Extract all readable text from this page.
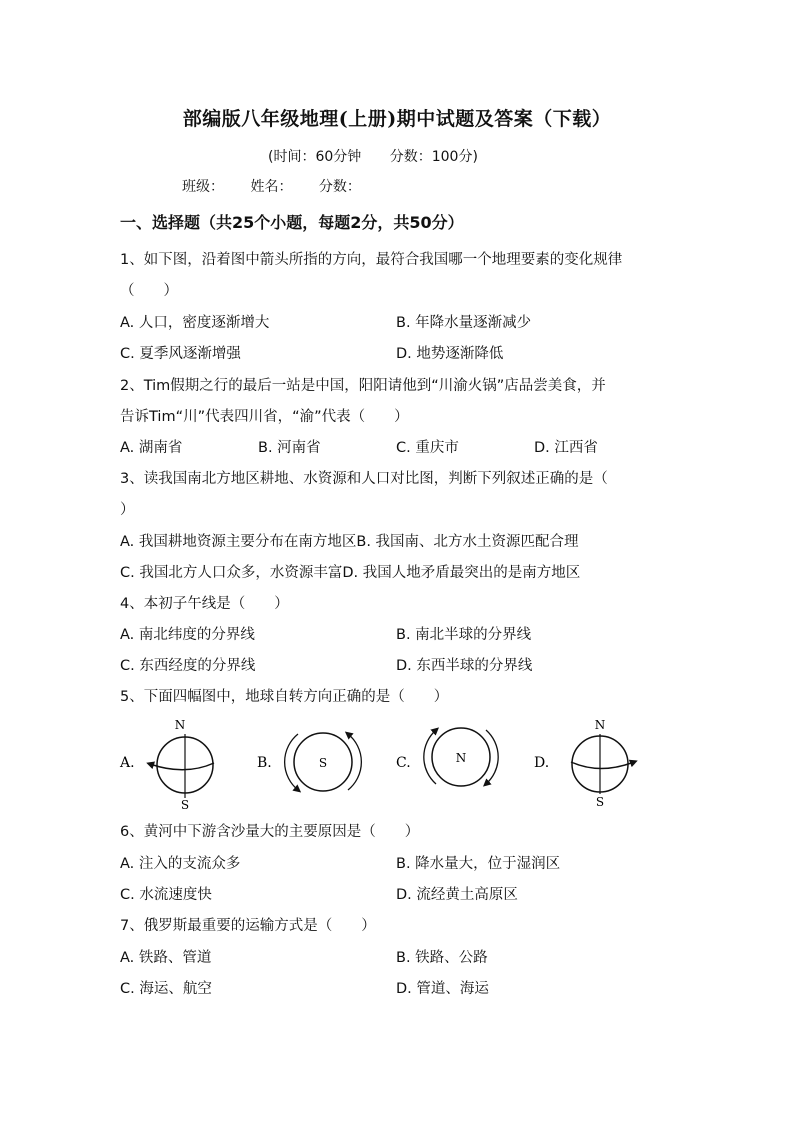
部编版八年级地理(上册)期中试题及答案（下载）
(时间：60分钟 分数：100分)
班级： 姓名： 分数：
一、选择题（共25个小题，每题2分，共50分）
1、如下图，沿着图中箭头所指的方向，最符合我国哪一个地理要素的变化规律
（　　）
A. 人口，密度逐渐增大	B. 年降水量逐渐减少
C. 夏季风逐渐增强	D. 地势逐渐降低
2、Tim假期之行的最后一站是中国，阳阳请他到“川渝火锅”店品尝美食，并
告诉Tim“川”代表四川省，“渝”代表（　　）
A. 湖南省	B. 河南省	C. 重庆市	D. 江西省
3、读我国南北方地区耕地、水资源和人口对比图，判断下列叙述正确的是（
）
A. 我国耕地资源主要分布在南方地区B. 我国南、北方水土资源匹配合理
C. 我国北方人口众多，水资源丰富D. 我国人地矛盾最突出的是南方地区
4、本初子午线是（　　）
A. 南北纬度的分界线	B. 南北半球的分界线
C. 东西经度的分界线	D. 东西半球的分界线
5、下面四幅图中，地球自转方向正确的是（　　）
A.
N
S
B.	S	C.	N	D.
N
S
6、黄河中下游含沙量大的主要原因是（　　）
A. 注入的支流众多	B. 降水量大，位于湿润区
C. 水流速度快	D. 流经黄土高原区
7、俄罗斯最重要的运输方式是（　　）
A. 铁路、管道	B. 铁路、公路
C. 海运、航空	D. 管道、海运
